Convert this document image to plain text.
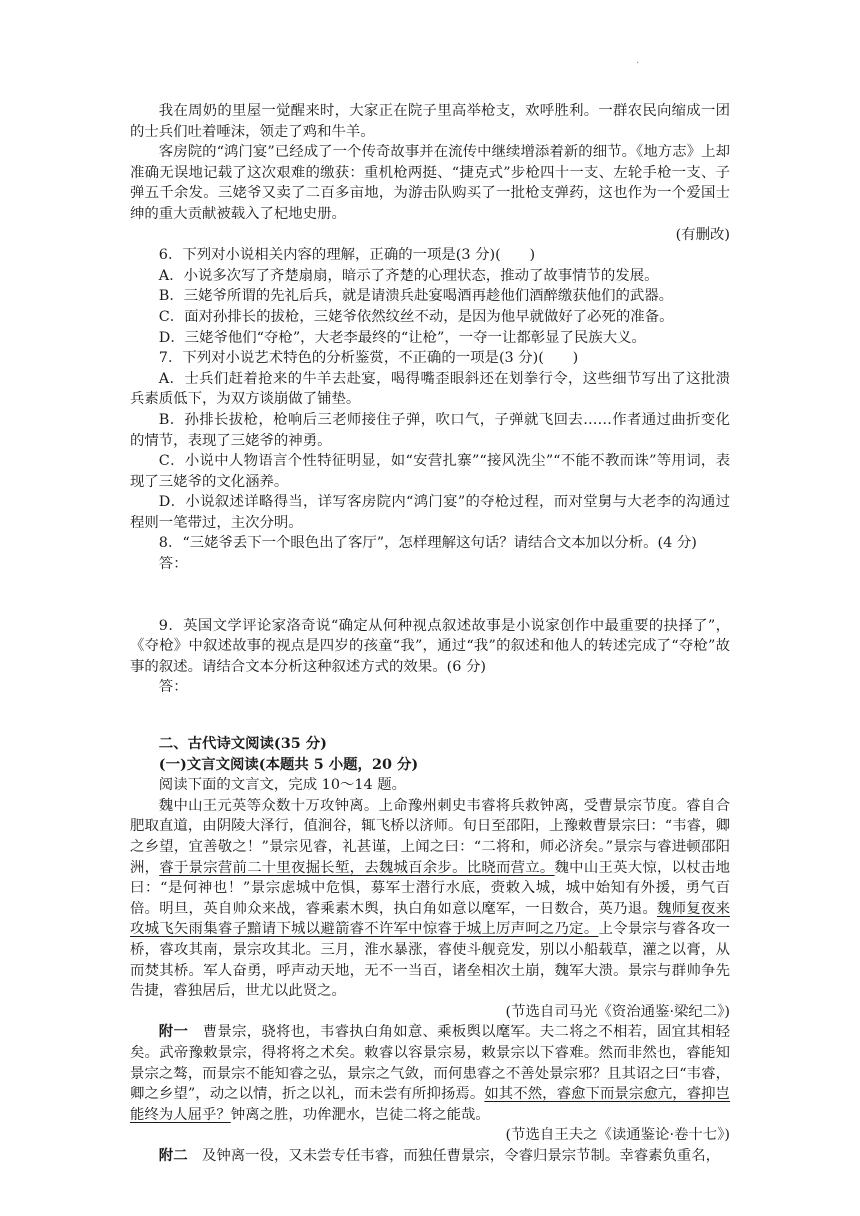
·

我在周奶的里屋一觉醒来时，大家正在院子里高举枪支，欢呼胜利。一群农民向缩成一团的士兵们吐着唾沫，领走了鸡和牛羊。

客房院的“鸿门宴”已经成了一个传奇故事并在流传中继续增添着新的细节。《地方志》上却准确无误地记载了这次艰难的缴获：重机枪两挺、“捷克式”步枪四十一支、左轮手枪一支、子弹五千余发。三姥爷又卖了二百多亩地，为游击队购买了一批枪支弹药，这也作为一个爱国士绅的重大贡献被载入了杞地史册。

(有删改)

6．下列对小说相关内容的理解，正确的一项是(3 分)(　　)

A．小说多次写了齐楚扇扇，暗示了齐楚的心理状态，推动了故事情节的发展。

B．三姥爷所谓的先礼后兵，就是请溃兵赴宴喝酒再趁他们酒醉缴获他们的武器。

C．面对孙排长的拔枪，三姥爷依然纹丝不动，是因为他早就做好了必死的准备。

D．三姥爷他们“夺枪”，大老李最终的“让枪”，一夺一让都彰显了民族大义。

7．下列对小说艺术特色的分析鉴赏，不正确的一项是(3 分)(　　)

A．士兵们赶着抢来的牛羊去赴宴，喝得嘴歪眼斜还在划拳行令，这些细节写出了这批溃兵素质低下，为双方谈崩做了铺垫。

B．孙排长拔枪，枪响后三老师接住子弹，吹口气，子弹就飞回去……作者通过曲折变化的情节，表现了三姥爷的神勇。

C．小说中人物语言个性特征明显，如“安营扎寨”“接风洗尘”“不能不教而诛”等用词，表现了三姥爷的文化涵养。

D．小说叙述详略得当，详写客房院内“鸿门宴”的夺枪过程，而对堂舅与大老李的沟通过程则一笔带过，主次分明。

8．“三姥爷丢下一个眼色出了客厅”，怎样理解这句话？请结合文本加以分析。(4 分)

答：

9．英国文学评论家洛奇说“确定从何种视点叙述故事是小说家创作中最重要的抉择了”，《夺枪》中叙述故事的视点是四岁的孩童“我”，通过“我”的叙述和他人的转述完成了“夺枪”故事的叙述。请结合文本分析这种叙述方式的效果。(6 分)

答：

二、古代诗文阅读(35 分)

(一)文言文阅读(本题共 5 小题，20 分)

阅读下面的文言文，完成 10～14 题。

魏中山王元英等众数十万攻钟离。上命豫州刺史韦睿将兵救钟离，受曹景宗节度。睿自合肥取直道，由阴陵大泽行，值涧谷，辄飞桥以济师。旬日至邵阳，上豫敕曹景宗曰：“韦睿，卿之乡望，宜善敬之！”景宗见睿，礼甚谨，上闻之曰：“二将和，师必济矣。”景宗与睿进顿邵阳洲，睿于景宗营前二十里夜掘长堑，去魏城百余步。比晓而营立。魏中山王英大惊，以杖击地曰：“是何神也！”景宗虑城中危惧，募军士潜行水底，赍敕入城，城中始知有外援，勇气百倍。明旦，英自帅众来战，睿乘素木舆，执白角如意以麾军，一日数合，英乃退。魏师复夜来攻城飞矢雨集睿子黯请下城以避箭睿不许军中惊睿于城上厉声呵之乃定。上令景宗与睿各攻一桥，睿攻其南，景宗攻其北。三月，淮水暴涨，睿使斗舰竞发，别以小船载草，灌之以膏，从而焚其桥。军人奋勇，呼声动天地，无不一当百，诸垒相次土崩，魏军大溃。景宗与群帅争先告捷，睿独居后，世尤以此贤之。

(节选自司马光《资治通鉴·梁纪二》)

附一　曹景宗，骁将也，韦睿执白角如意、乘板舆以麾军。夫二将之不相若，固宜其相轻矣。武帝豫敕景宗，得将将之术矣。敕睿以容景宗易，敕景宗以下睿难。然而非然也，睿能知景宗之骜，而景宗不能知睿之弘，景宗之气敛，而何患睿之不善处景宗邪？且其诏之曰“韦睿，卿之乡望”，动之以情，折之以礼，而未尝有所抑扬焉。如其不然，睿愈下而景宗愈亢，睿抑岂能终为人屈乎？钟离之胜，功侔淝水，岂徒二将之能哉。

(节选自王夫之《读通鉴论·卷十七》)

附二　及钟离一役，又未尝专任韦睿，而独任曹景宗，令睿归景宗节制。幸睿素负重名，
